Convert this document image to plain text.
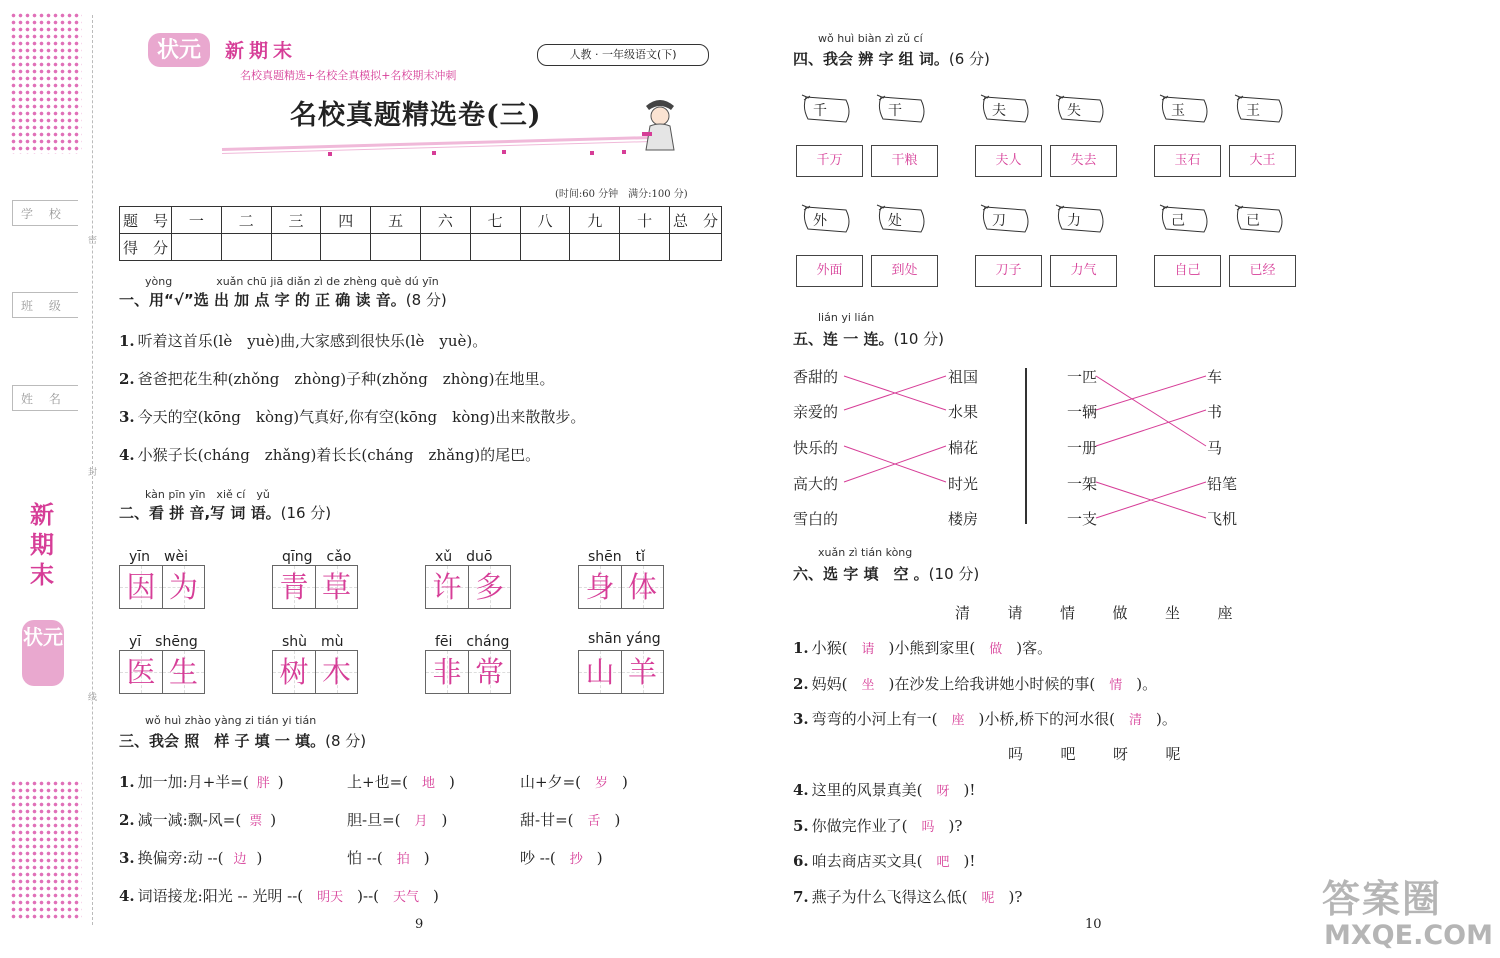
学 校
班 级
姓 名
密
封
线
新期末
状元
状元	新期末	人教 · 一年级语文(下)
名校真题精选+名校全真模拟+名校期末冲刺
名校真题精选卷(三)
(时间:60 分钟　满分:100 分)
题　号	一	二	三	四	五	六	七	八	九	十	总　分
得　分											
yòng　　　　xuǎn chū jiā diǎn zì de zhèng què dú yīn
一、用“√”选 出 加 点 字 的 正 确 读 音。(8 分)
1. 听着这首乐(lè　yuè)曲,大家感到很快乐(lè　yuè)。
2. 爸爸把花生种(zhǒng　zhòng)子种(zhǒng　zhòng)在地里。
3. 今天的空(kōng　kòng)气真好,你有空(kōng　kòng)出来散散步。
4. 小猴子长(cháng　zhǎng)着长长(cháng　zhǎng)的尾巴。
kàn pīn yīn　xiě cí　yǔ
二、看 拼 音,写 词 语。(16 分)
yīn　wèi
因 为
qīng　cǎo
青 草
xǔ　duō
许 多
shēn　tǐ
身 体
yī　shēng
医 生
shù　mù
树 木
fēi　cháng
非 常
shān yáng
山 羊
wǒ huì zhào yàng zi tián yi tián
三、我会 照　样 子 填 一 填。(8 分)
1. 加一加:月+半=( 胖 )	上+也=( 地 )	山+夕=( 岁 )
2. 减一减:飘-风=( 票 )	胆-旦=( 月 )	甜-甘=( 舌 )
3. 换偏旁:动 --( 边 )	怕 --( 拍 )	吵 --( 抄 )
4. 词语接龙:阳光 -- 光明 --( 明天 )--( 天气 )
9
wǒ huì biàn zì zǔ cí
四、我会 辨 字 组 词。(6 分)
千
千万
干
干粮
夫
夫人
失
失去
玉
玉石
王
大王
外
外面
处
到处
刀
刀子
力
力气
己
自己
已
已经
lián yi lián
五、连 一 连。(10 分)
香甜的	祖国	一匹	车
亲爱的	水果	一辆	书
快乐的	棉花	一册	马
高大的	时光	一架	铅笔
雪白的	楼房	一支	飞机
xuǎn zì tián kòng
六、选 字 填　空 。(10 分)
清 请 情 做 坐 座
吗 吧 呀 呢
1. 小猴( 请 )小熊到家里( 做 )客。
2. 妈妈( 坐 )在沙发上给我讲她小时候的事( 情 )。
3. 弯弯的小河上有一( 座 )小桥,桥下的河水很( 清 )。
4. 这里的风景真美( 呀 )!
5. 你做完作业了( 吗 )?
6. 咱去商店买文具( 吧 )!
7. 燕子为什么飞得这么低( 呢 )?
10
答案圈
MXQE.COM
